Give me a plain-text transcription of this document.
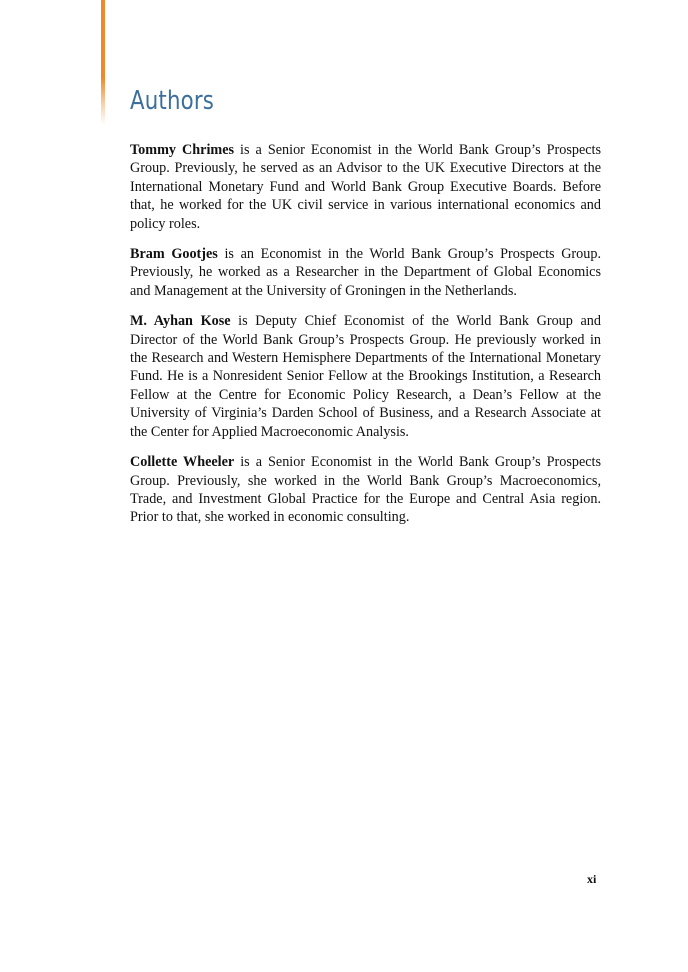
Authors

Tommy Chrimes is a Senior Economist in the World Bank Group’s Prospects Group. Previously, he served as an Advisor to the UK Executive Directors at the International Monetary Fund and World Bank Group Executive Boards. Before that, he worked for the UK civil service in various international economics and policy roles.

Bram Gootjes is an Economist in the World Bank Group’s Prospects Group. Previously, he worked as a Researcher in the Department of Global Economics and Management at the University of Groningen in the Netherlands.

M. Ayhan Kose is Deputy Chief Economist of the World Bank Group and Director of the World Bank Group’s Prospects Group. He previously worked in the Research and Western Hemisphere Departments of the International Monetary Fund. He is a Nonresident Senior Fellow at the Brookings Institution, a Research Fellow at the Centre for Economic Policy Research, a Dean’s Fellow at the University of Virginia’s Darden School of Business, and a Research Associate at the Center for Applied Macroeconomic Analysis.

Collette Wheeler is a Senior Economist in the World Bank Group’s Prospects Group. Previously, she worked in the World Bank Group’s Macroeconomics, Trade, and Investment Global Practice for the Europe and Central Asia region. Prior to that, she worked in economic consulting.

xi
